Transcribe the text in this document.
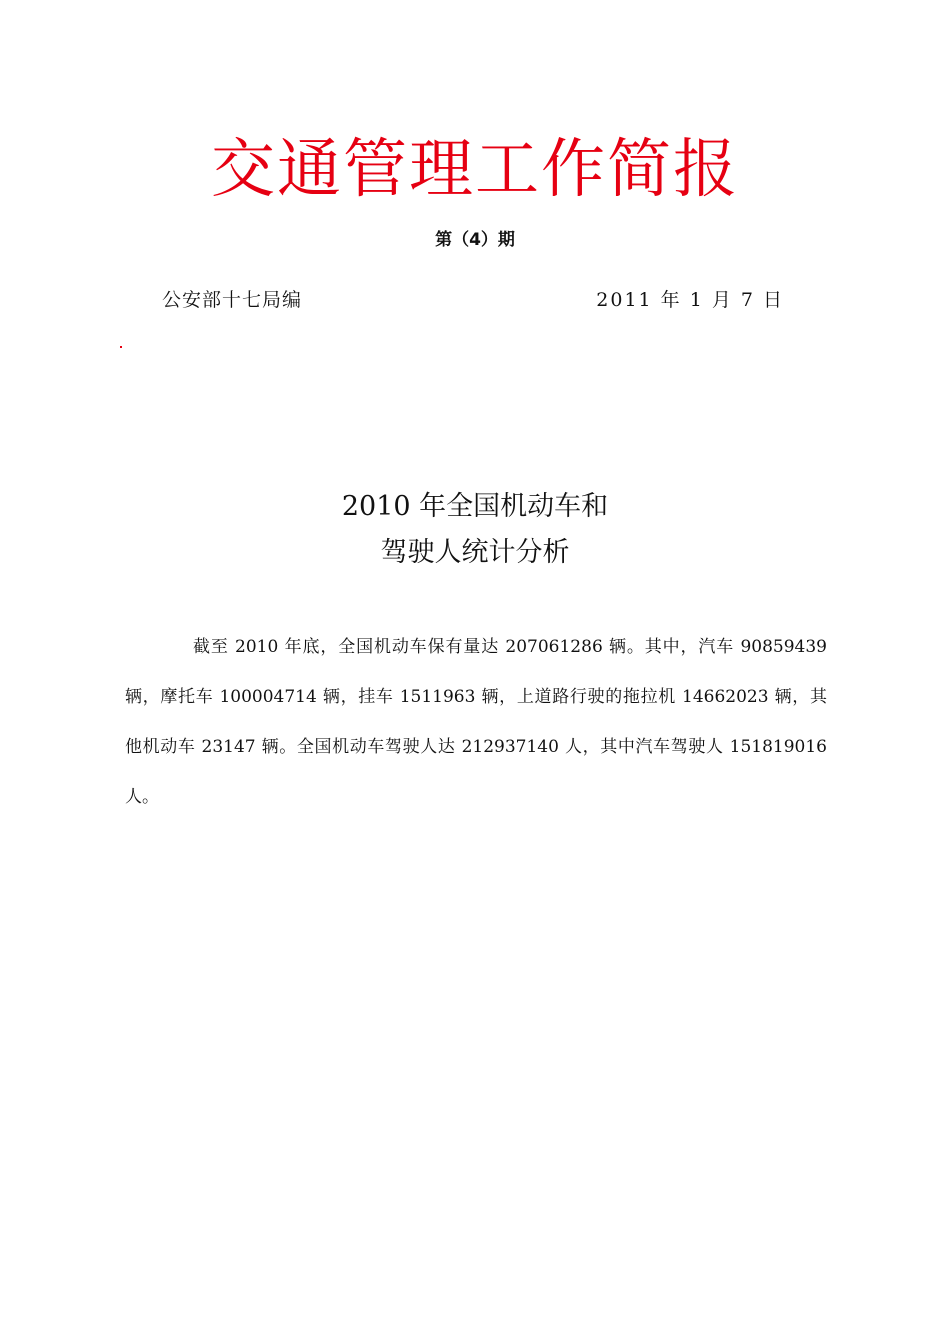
交通管理工作简报
第（4）期
公安部十七局编	2011 年 1 月 7 日
2010 年全国机动车和
驾驶人统计分析
截至 2010 年底，全国机动车保有量达 207061286 辆。其中，汽车 90859439
辆，摩托车 100004714 辆，挂车 1511963 辆，上道路行驶的拖拉机 14662023 辆，其
他机动车 23147 辆。全国机动车驾驶人达 212937140 人，其中汽车驾驶人 151819016
人。
